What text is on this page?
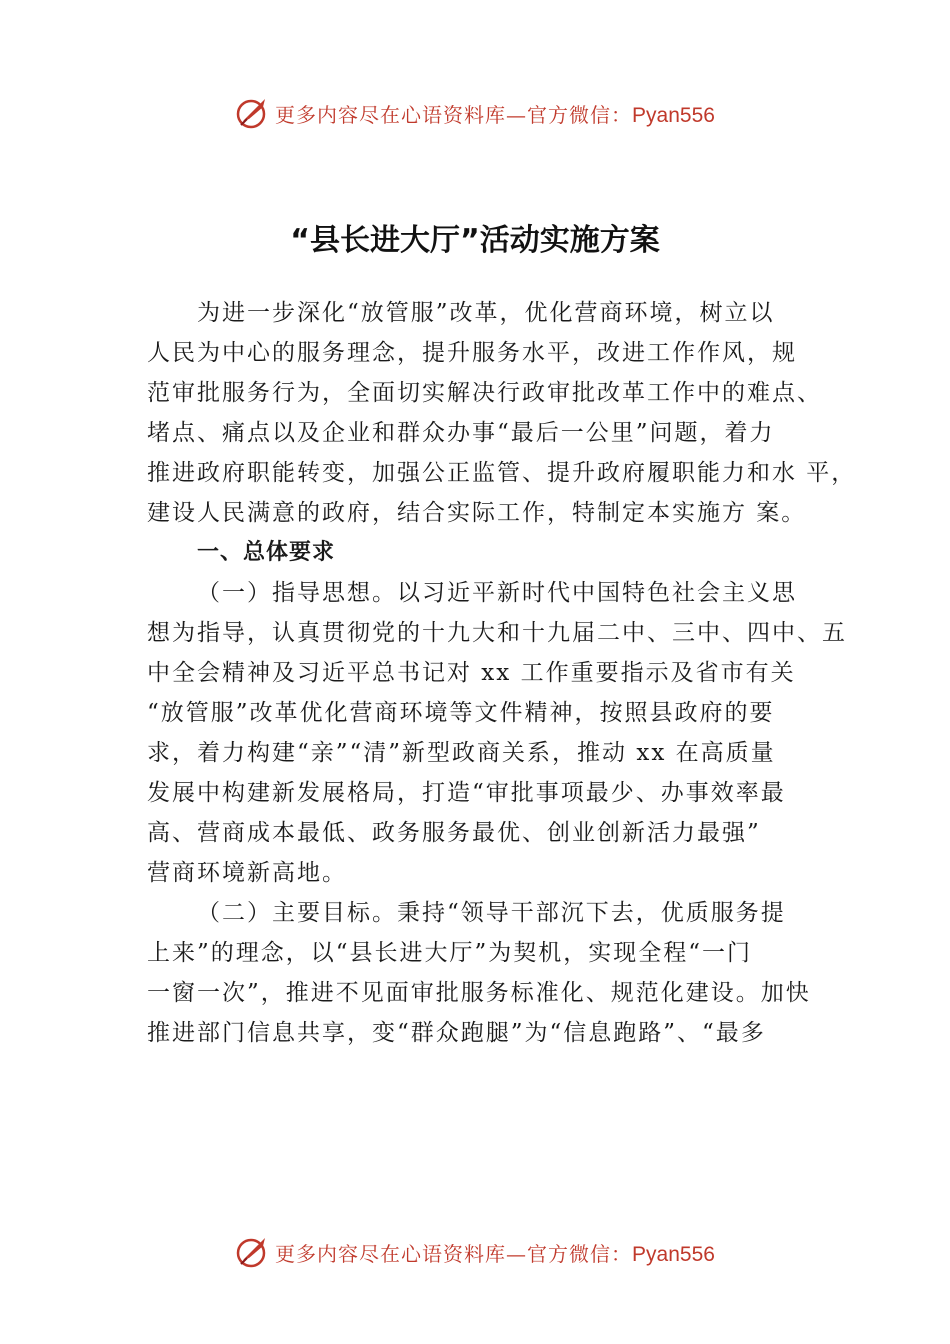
更多内容尽在心语资料库—官方微信：Pyan556
“县长进大厅”活动实施方案
为进一步深化“放管服”改革，优化营商环境，树立以
人民为中心的服务理念，提升服务水平，改进工作作风，规
范审批服务行为，全面切实解决行政审批改革工作中的难点、
堵点、痛点以及企业和群众办事“最后一公里”问题，着力
推进政府职能转变，加强公正监管、提升政府履职能力和水 平，
建设人民满意的政府，结合实际工作，特制定本实施方 案。
一、总体要求
（一）指导思想。以习近平新时代中国特色社会主义思
想为指导，认真贯彻党的十九大和十九届二中、三中、四中、五
中全会精神及习近平总书记对 xx 工作重要指示及省市有关
“放管服”改革优化营商环境等文件精神，按照县政府的要
求，着力构建“亲”“清”新型政商关系，推动 xx 在高质量
发展中构建新发展格局，打造“审批事项最少、办事效率最
高、营商成本最低、政务服务最优、创业创新活力最强”
营商环境新高地。
（二）主要目标。秉持“领导干部沉下去，优质服务提
上来”的理念，以“县长进大厅”为契机，实现全程“一门
一窗一次”，推进不见面审批服务标准化、规范化建设。加快
推进部门信息共享，变“群众跑腿”为“信息跑路”、“最多
更多内容尽在心语资料库—官方微信：Pyan556
